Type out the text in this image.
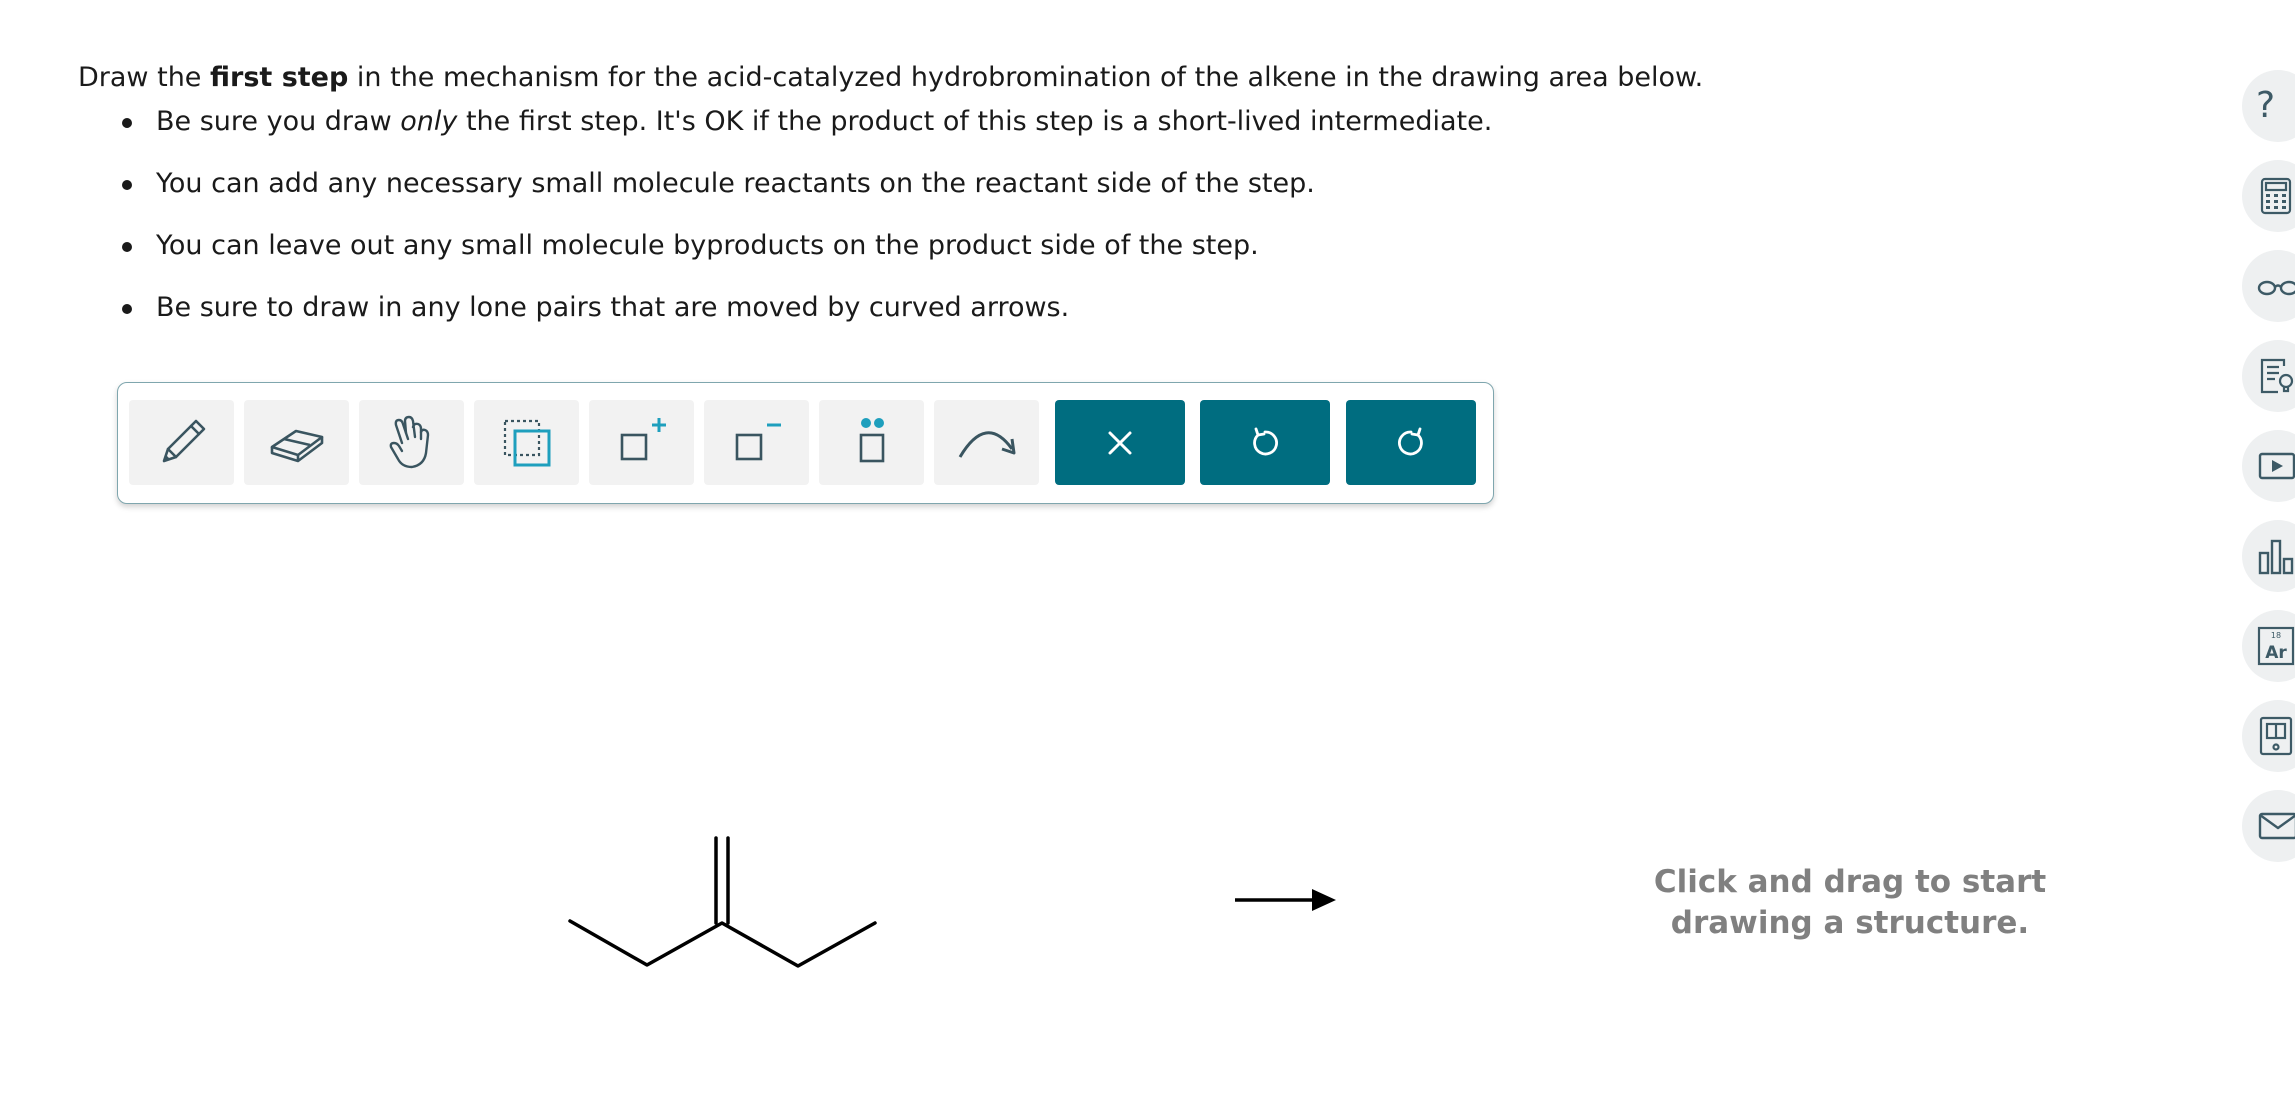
Draw the first step in the mechanism for the acid-catalyzed hydrobromination of the alkene in the drawing area below.
Be sure you draw only the first step. It's OK if the product of this step is a short-lived intermediate.
You can add any necessary small molecule reactants on the reactant side of the step.
You can leave out any small molecule byproducts on the product side of the step.
Be sure to draw in any lone pairs that are moved by curved arrows.
Click and drag to start
drawing a structure.
?
18
Ar
